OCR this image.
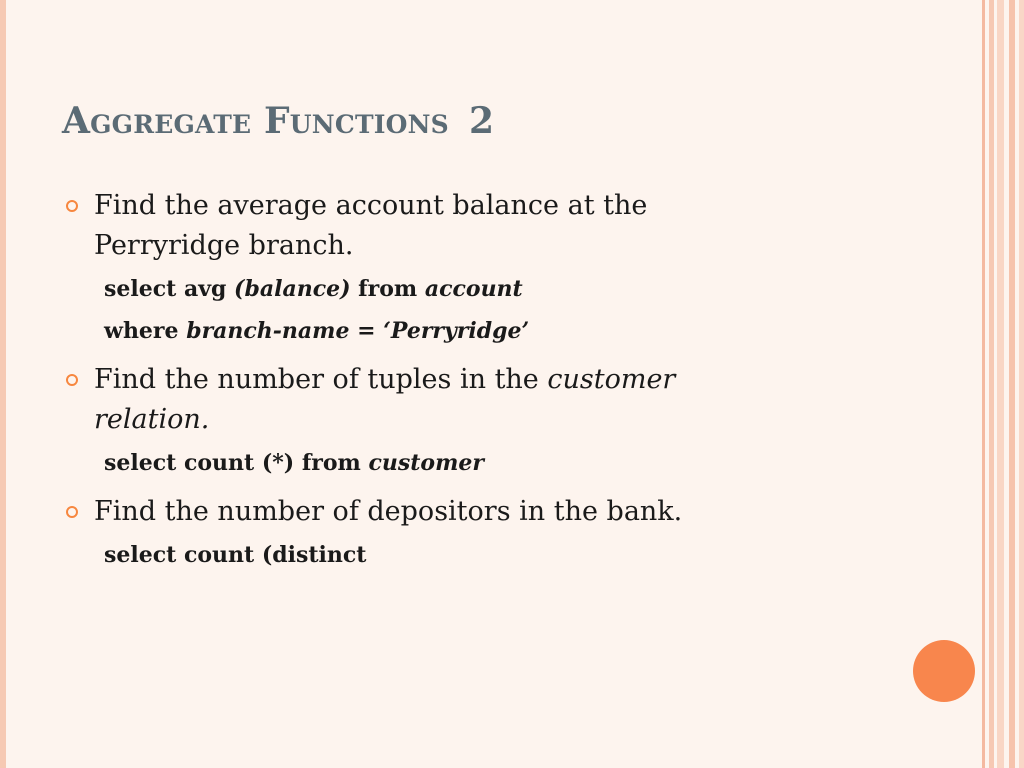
Aggregate Functions 2
Find the average account balance at the Perryridge branch.
select avg (balance) from account
where branch-name = ‘Perryridge’
Find the number of tuples in the customer relation.
select count (*) from customer
Find the number of depositors in the bank.
select count (distinct
